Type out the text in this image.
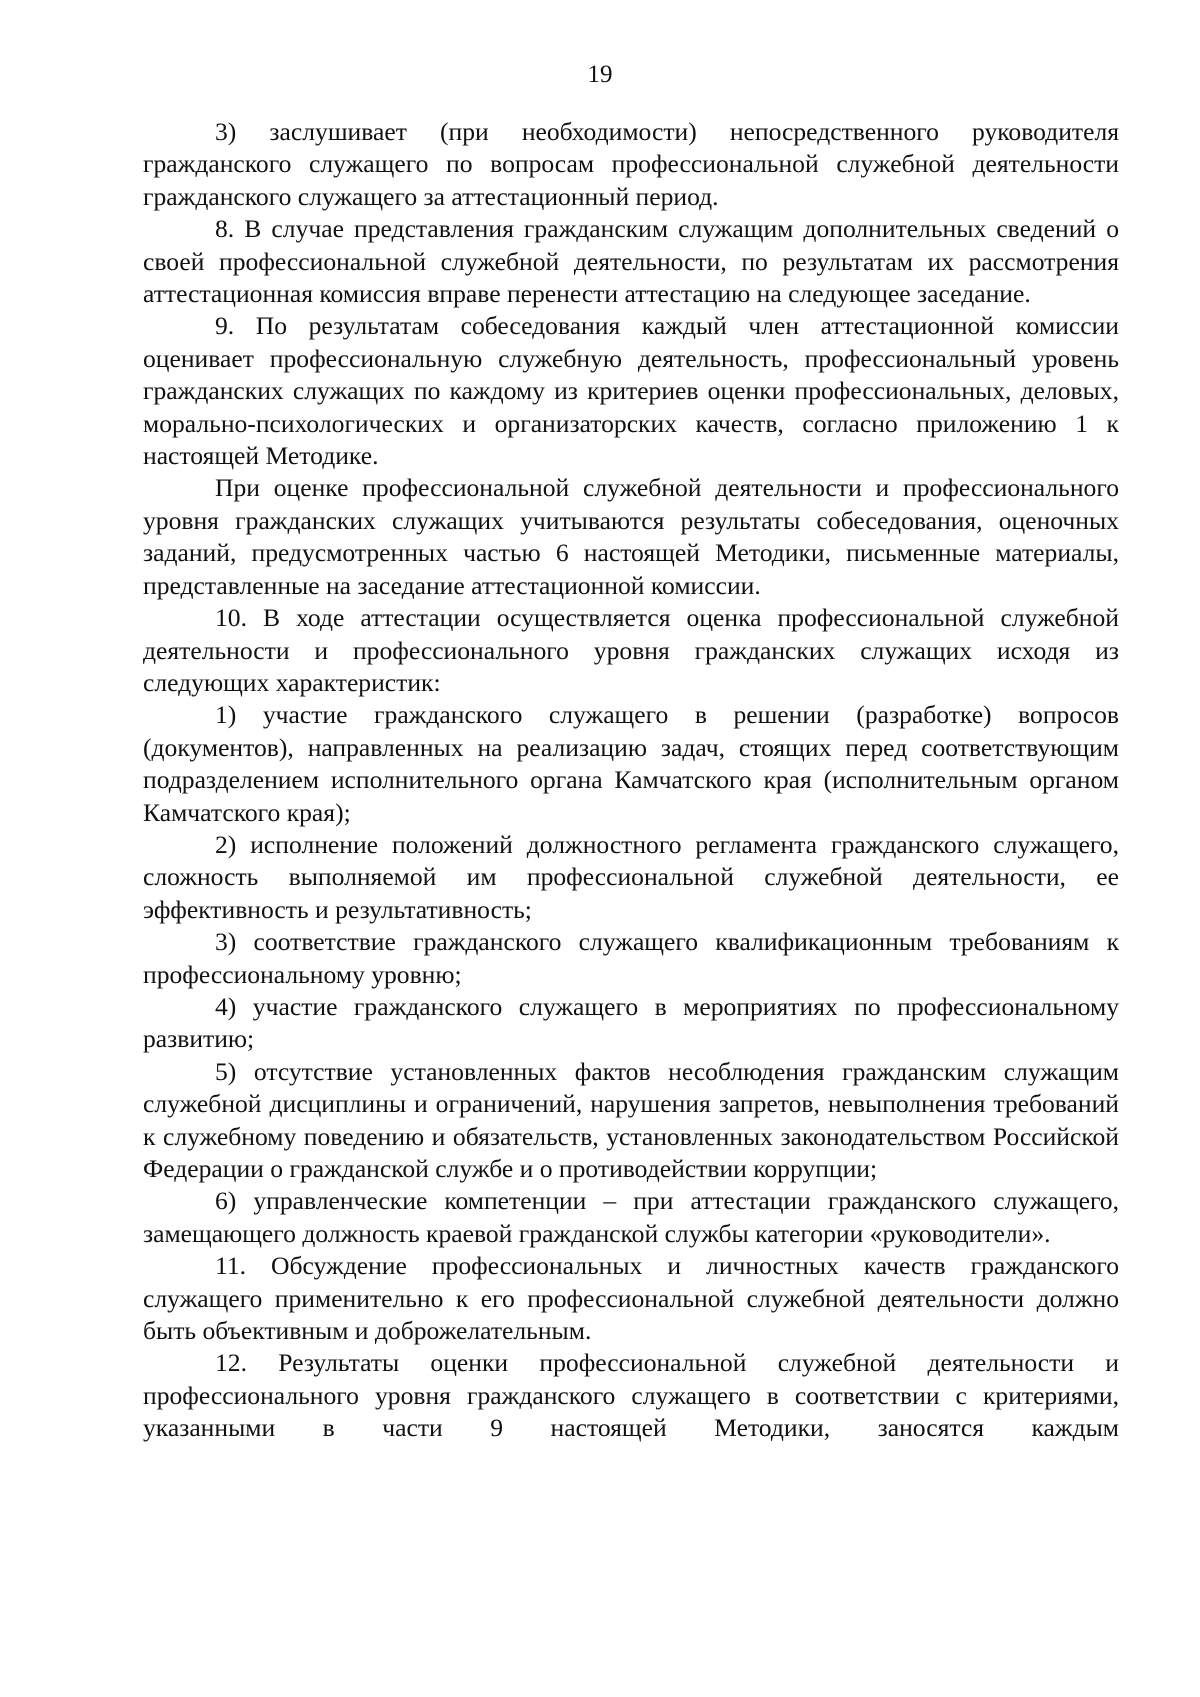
19

3) заслушивает (при необходимости) непосредственного руководителя гражданского служащего по вопросам профессиональной служебной деятельности гражданского служащего за аттестационный период.

8. В случае представления гражданским служащим дополнительных сведений о своей профессиональной служебной деятельности, по результатам их рассмотрения аттестационная комиссия вправе перенести аттестацию на следующее заседание.

9. По результатам собеседования каждый член аттестационной комиссии оценивает профессиональную служебную деятельность, профессиональный уровень гражданских служащих по каждому из критериев оценки профессиональных, деловых, морально-психологических и организаторских качеств, согласно приложению 1 к настоящей Методике.

При оценке профессиональной служебной деятельности и профессионального уровня гражданских служащих учитываются результаты собеседования, оценочных заданий, предусмотренных частью 6 настоящей Методики, письменные материалы, представленные на заседание аттестационной комиссии.

10. В ходе аттестации осуществляется оценка профессиональной служебной деятельности и профессионального уровня гражданских служащих исходя из следующих характеристик:

1) участие гражданского служащего в решении (разработке) вопросов (документов), направленных на реализацию задач, стоящих перед соответствующим подразделением исполнительного органа Камчатского края (исполнительным органом Камчатского края);

2) исполнение положений должностного регламента гражданского служащего, сложность выполняемой им профессиональной служебной деятельности, ее эффективность и результативность;

3) соответствие гражданского служащего квалификационным требованиям к профессиональному уровню;

4) участие гражданского служащего в мероприятиях по профессиональному развитию;

5) отсутствие установленных фактов несоблюдения гражданским служащим служебной дисциплины и ограничений, нарушения запретов, невыполнения требований к служебному поведению и обязательств, установленных законодательством Российской Федерации о гражданской службе и о противодействии коррупции;

6) управленческие компетенции – при аттестации гражданского служащего, замещающего должность краевой гражданской службы категории «руководители».

11. Обсуждение профессиональных и личностных качеств гражданского служащего применительно к его профессиональной служебной деятельности должно быть объективным и доброжелательным.

12. Результаты оценки профессиональной служебной деятельности и профессионального уровня гражданского служащего в соответствии с критериями, указанными в части 9 настоящей Методики, заносятся каждым
